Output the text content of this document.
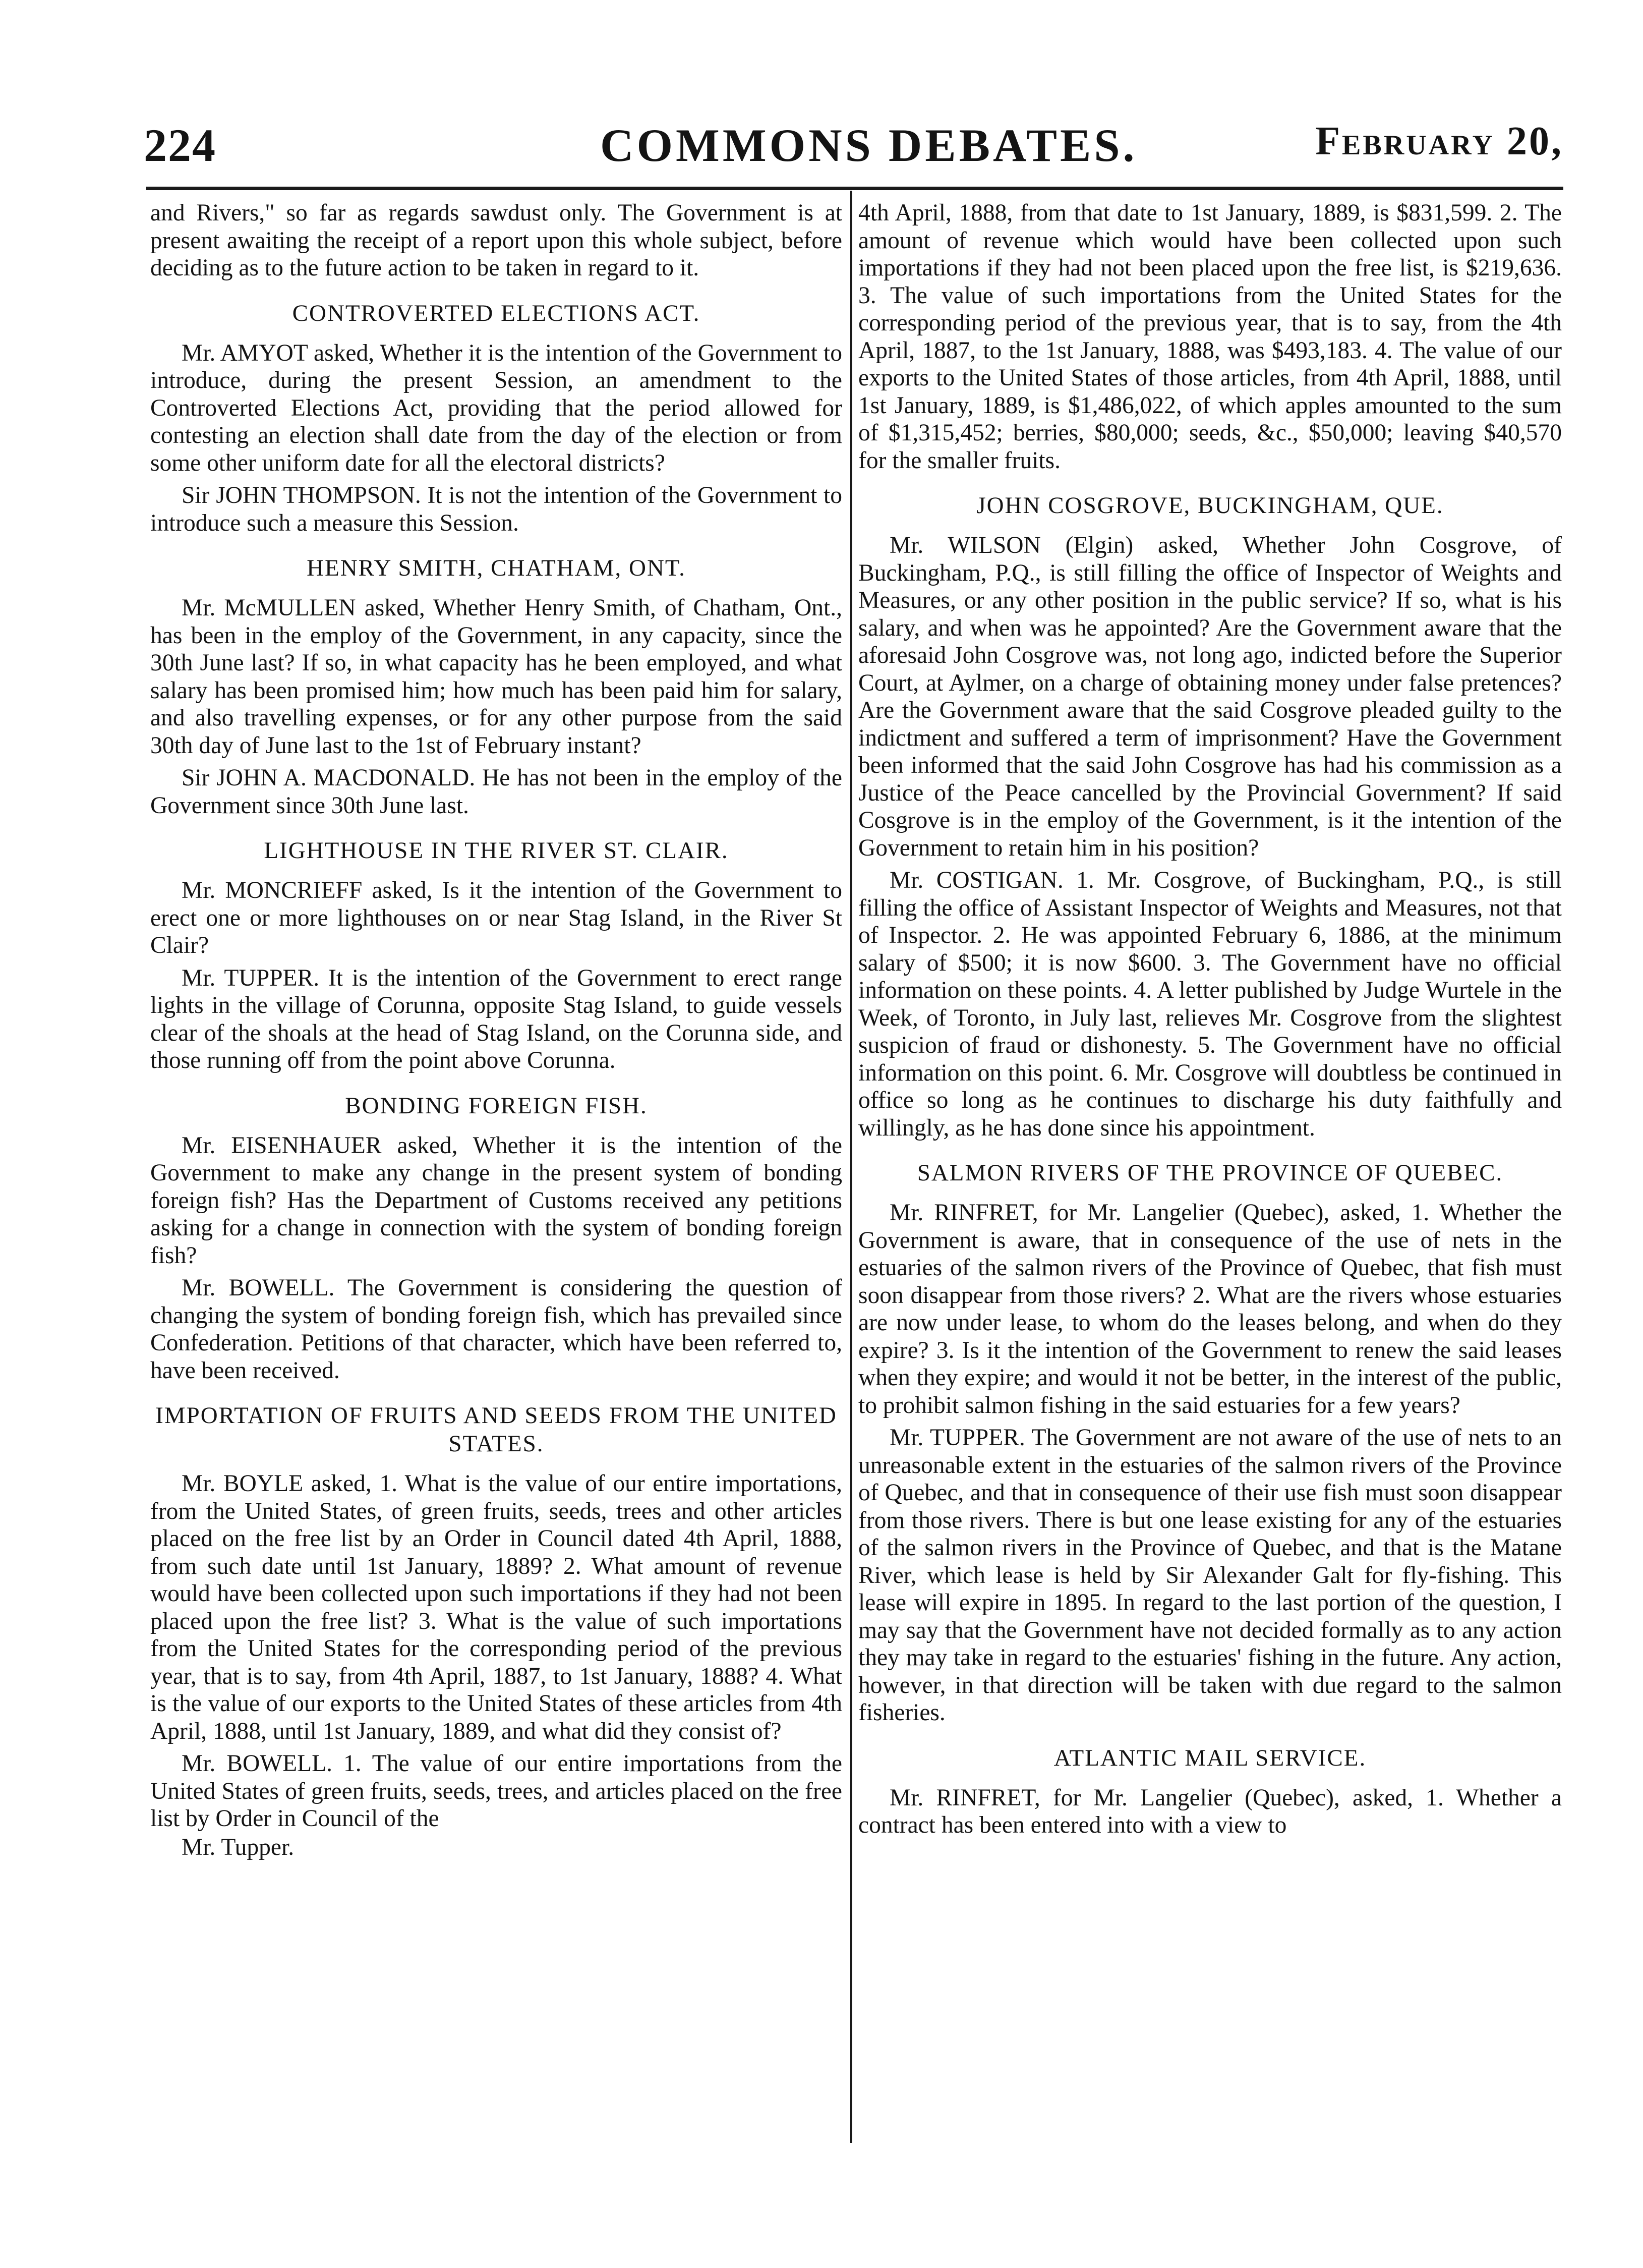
224	COMMONS DEBATES.	February 20,

and Rivers," so far as regards sawdust only. The Government is at present awaiting the receipt of a report upon this whole subject, before deciding as to the future action to be taken in regard to it.

CONTROVERTED ELECTIONS ACT.

Mr. AMYOT asked, Whether it is the intention of the Government to introduce, during the present Session, an amendment to the Controverted Elections Act, providing that the period allowed for contesting an election shall date from the day of the election or from some other uniform date for all the electoral districts?

Sir JOHN THOMPSON. It is not the intention of the Government to introduce such a measure this Session.

HENRY SMITH, CHATHAM, ONT.

Mr. McMULLEN asked, Whether Henry Smith, of Chatham, Ont., has been in the employ of the Government, in any capacity, since the 30th June last? If so, in what capacity has he been employed, and what salary has been promised him; how much has been paid him for salary, and also travelling expenses, or for any other purpose from the said 30th day of June last to the 1st of February instant?

Sir JOHN A. MACDONALD. He has not been in the employ of the Government since 30th June last.

LIGHTHOUSE IN THE RIVER ST. CLAIR.

Mr. MONCRIEFF asked, Is it the intention of the Government to erect one or more lighthouses on or near Stag Island, in the River St Clair?

Mr. TUPPER. It is the intention of the Government to erect range lights in the village of Corunna, opposite Stag Island, to guide vessels clear of the shoals at the head of Stag Island, on the Corunna side, and those running off from the point above Corunna.

BONDING FOREIGN FISH.

Mr. EISENHAUER asked, Whether it is the intention of the Government to make any change in the present system of bonding foreign fish? Has the Department of Customs received any petitions asking for a change in connection with the system of bonding foreign fish?

Mr. BOWELL. The Government is considering the question of changing the system of bonding foreign fish, which has prevailed since Confederation. Petitions of that character, which have been referred to, have been received.

IMPORTATION OF FRUITS AND SEEDS FROM THE UNITED STATES.

Mr. BOYLE asked, 1. What is the value of our entire importations, from the United States, of green fruits, seeds, trees and other articles placed on the free list by an Order in Council dated 4th April, 1888, from such date until 1st January, 1889? 2. What amount of revenue would have been collected upon such importations if they had not been placed upon the free list? 3. What is the value of such importations from the United States for the corresponding period of the previous year, that is to say, from 4th April, 1887, to 1st January, 1888? 4. What is the value of our exports to the United States of these articles from 4th April, 1888, until 1st January, 1889, and what did they consist of?

Mr. BOWELL. 1. The value of our entire importations from the United States of green fruits, seeds, trees, and articles placed on the free list by Order in Council of the

Mr. Tupper.

4th April, 1888, from that date to 1st January, 1889, is $831,599. 2. The amount of revenue which would have been collected upon such importations if they had not been placed upon the free list, is $219,636. 3. The value of such importations from the United States for the corresponding period of the previous year, that is to say, from the 4th April, 1887, to the 1st January, 1888, was $493,183. 4. The value of our exports to the United States of those articles, from 4th April, 1888, until 1st January, 1889, is $1,486,022, of which apples amounted to the sum of $1,315,452; berries, $80,000; seeds, &c., $50,000; leaving $40,570 for the smaller fruits.

JOHN COSGROVE, BUCKINGHAM, QUE.

Mr. WILSON (Elgin) asked, Whether John Cosgrove, of Buckingham, P.Q., is still filling the office of Inspector of Weights and Measures, or any other position in the public service? If so, what is his salary, and when was he appointed? Are the Government aware that the aforesaid John Cosgrove was, not long ago, indicted before the Superior Court, at Aylmer, on a charge of obtaining money under false pretences? Are the Government aware that the said Cosgrove pleaded guilty to the indictment and suffered a term of imprisonment? Have the Government been informed that the said John Cosgrove has had his commission as a Justice of the Peace cancelled by the Provincial Government? If said Cosgrove is in the employ of the Government, is it the intention of the Government to retain him in his position?

Mr. COSTIGAN. 1. Mr. Cosgrove, of Buckingham, P.Q., is still filling the office of Assistant Inspector of Weights and Measures, not that of Inspector. 2. He was appointed February 6, 1886, at the minimum salary of $500; it is now $600. 3. The Government have no official information on these points. 4. A letter published by Judge Wurtele in the Week, of Toronto, in July last, relieves Mr. Cosgrove from the slightest suspicion of fraud or dishonesty. 5. The Government have no official information on this point. 6. Mr. Cosgrove will doubtless be continued in office so long as he continues to discharge his duty faithfully and willingly, as he has done since his appointment.

SALMON RIVERS OF THE PROVINCE OF QUEBEC.

Mr. RINFRET, for Mr. Langelier (Quebec), asked, 1. Whether the Government is aware, that in consequence of the use of nets in the estuaries of the salmon rivers of the Province of Quebec, that fish must soon disappear from those rivers? 2. What are the rivers whose estuaries are now under lease, to whom do the leases belong, and when do they expire? 3. Is it the intention of the Government to renew the said leases when they expire; and would it not be better, in the interest of the public, to prohibit salmon fishing in the said estuaries for a few years?

Mr. TUPPER. The Government are not aware of the use of nets to an unreasonable extent in the estuaries of the salmon rivers of the Province of Quebec, and that in consequence of their use fish must soon disappear from those rivers. There is but one lease existing for any of the estuaries of the salmon rivers in the Province of Quebec, and that is the Matane River, which lease is held by Sir Alexander Galt for fly-fishing. This lease will expire in 1895. In regard to the last portion of the question, I may say that the Government have not decided formally as to any action they may take in regard to the estuaries' fishing in the future. Any action, however, in that direction will be taken with due regard to the salmon fisheries.

ATLANTIC MAIL SERVICE.

Mr. RINFRET, for Mr. Langelier (Quebec), asked, 1. Whether a contract has been entered into with a view to
